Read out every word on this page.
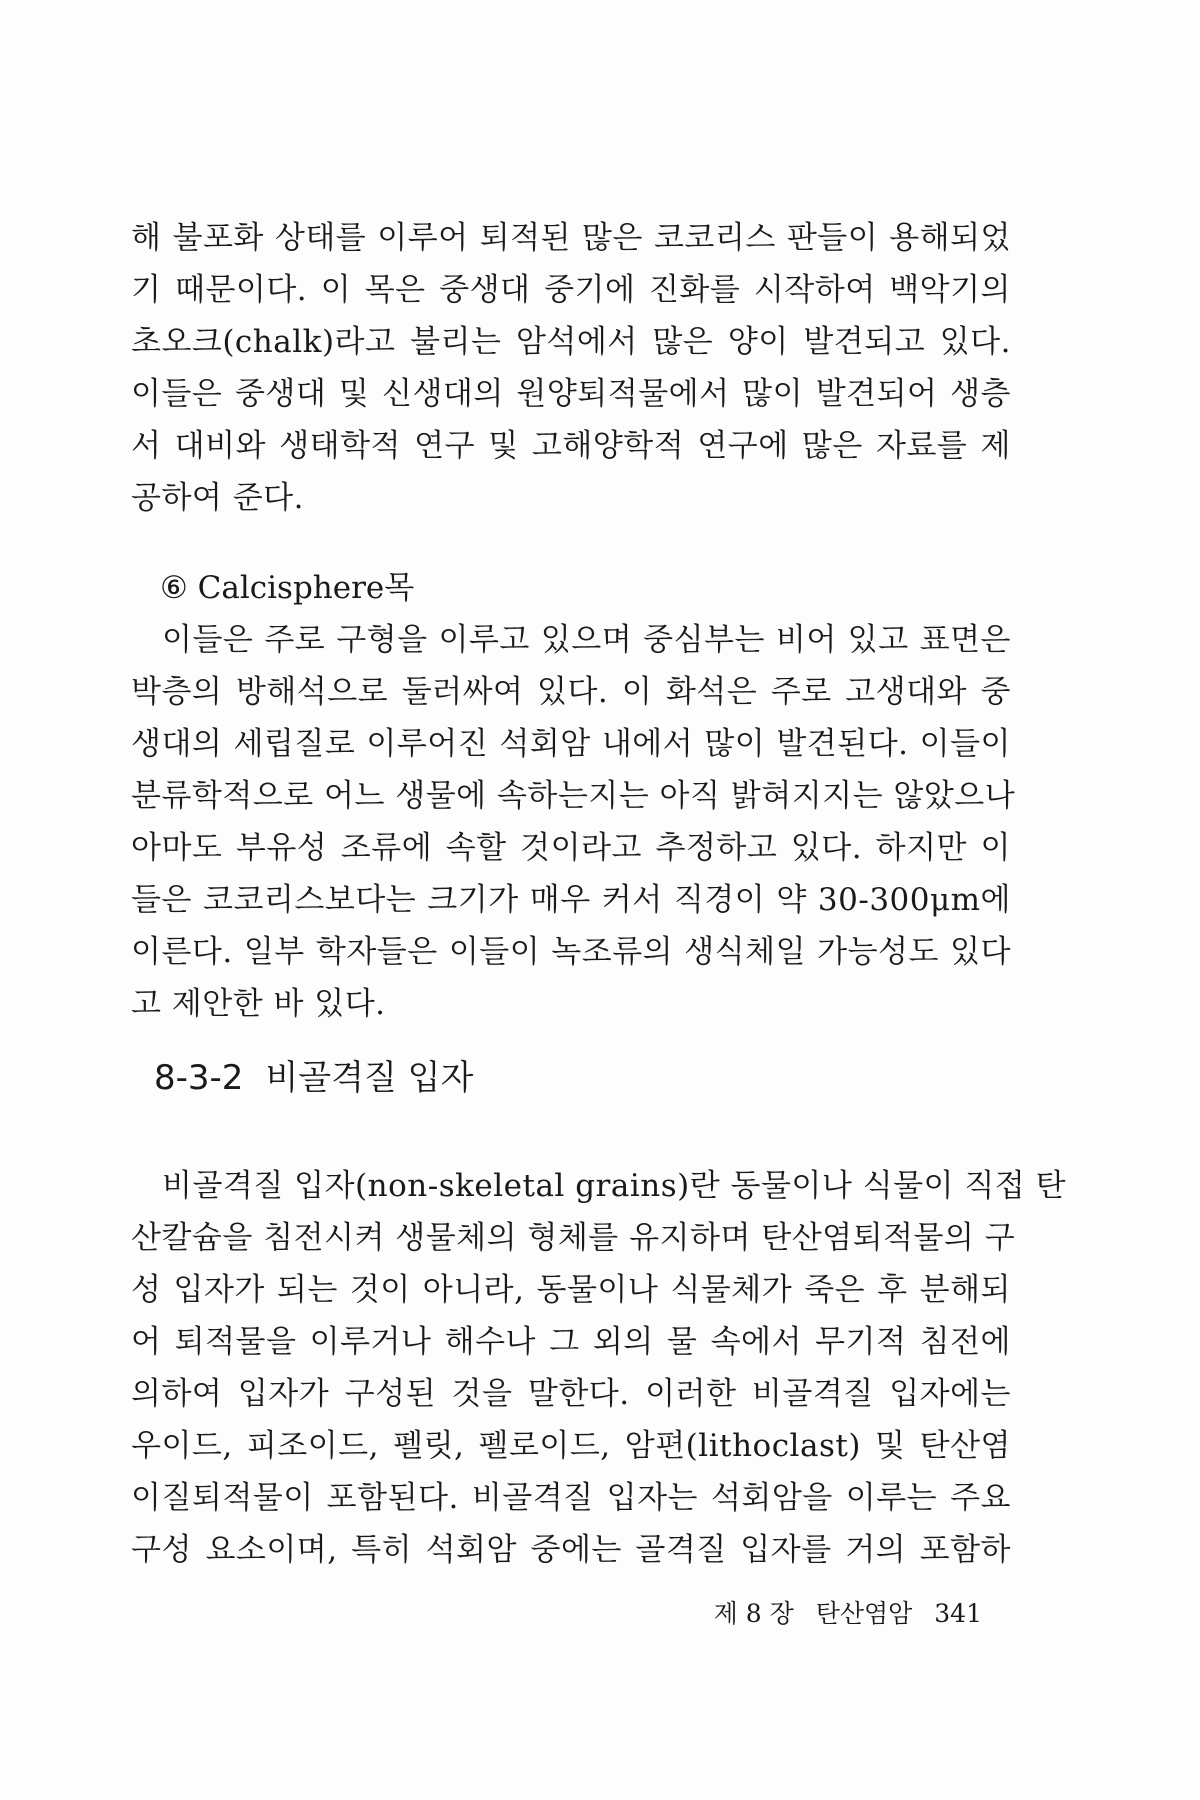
해 불포화 상태를 이루어 퇴적된 많은 코코리스 판들이 용해되었
기 때문이다. 이 목은 중생대 중기에 진화를 시작하여 백악기의
초오크(chalk)라고 불리는 암석에서 많은 양이 발견되고 있다.
이들은 중생대 및 신생대의 원양퇴적물에서 많이 발견되어 생층
서 대비와 생태학적 연구 및 고해양학적 연구에 많은 자료를 제
공하여 준다.
⑥ Calcisphere목
이들은 주로 구형을 이루고 있으며 중심부는 비어 있고 표면은
박층의 방해석으로 둘러싸여 있다. 이 화석은 주로 고생대와 중
생대의 세립질로 이루어진 석회암 내에서 많이 발견된다. 이들이
분류학적으로 어느 생물에 속하는지는 아직 밝혀지지는 않았으나
아마도 부유성 조류에 속할 것이라고 추정하고 있다. 하지만 이
들은 코코리스보다는 크기가 매우 커서 직경이 약 30-300μm에
이른다. 일부 학자들은 이들이 녹조류의 생식체일 가능성도 있다
고 제안한 바 있다.
8-3-2 비골격질 입자
비골격질 입자(non-skeletal grains)란 동물이나 식물이 직접 탄
산칼슘을 침전시켜 생물체의 형체를 유지하며 탄산염퇴적물의 구
성 입자가 되는 것이 아니라, 동물이나 식물체가 죽은 후 분해되
어 퇴적물을 이루거나 해수나 그 외의 물 속에서 무기적 침전에
의하여 입자가 구성된 것을 말한다. 이러한 비골격질 입자에는
우이드, 피조이드, 펠릿, 펠로이드, 암편(lithoclast) 및 탄산염
이질퇴적물이 포함된다. 비골격질 입자는 석회암을 이루는 주요
구성 요소이며, 특히 석회암 중에는 골격질 입자를 거의 포함하
제 8 장 탄산염암 341
